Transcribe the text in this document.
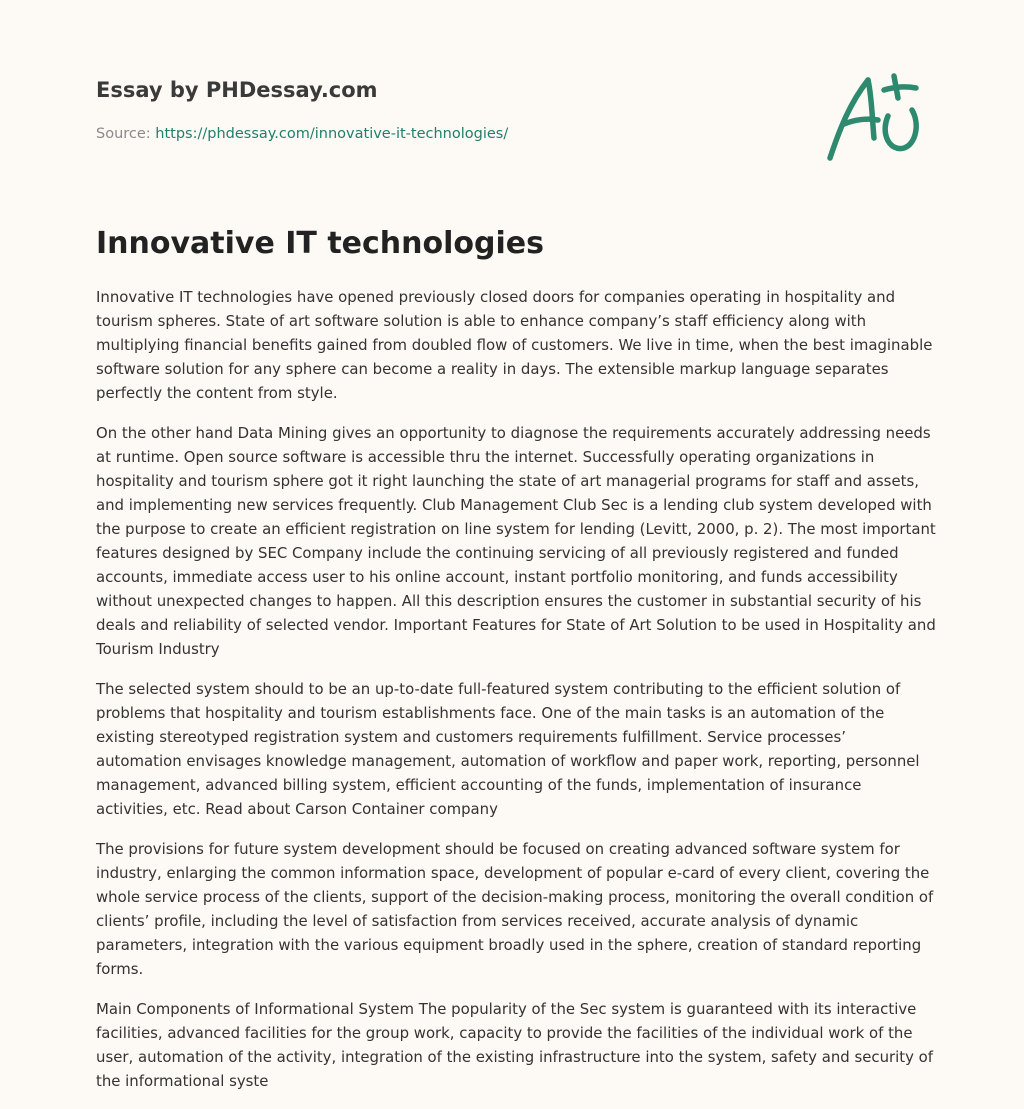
Essay by PHDessay.com
Source: https://phdessay.com/innovative-it-technologies/
Innovative IT technologies

Innovative IT technologies have opened previously closed doors for companies operating in hospitality and tourism spheres. State of art software solution is able to enhance company’s staff efficiency along with multiplying financial benefits gained from doubled flow of customers. We live in time, when the best imaginable software solution for any sphere can become a reality in days. The extensible markup language separates perfectly the content from style.

On the other hand Data Mining gives an opportunity to diagnose the requirements accurately addressing needs at runtime. Open source software is accessible thru the internet. Successfully operating organizations in hospitality and tourism sphere got it right launching the state of art managerial programs for staff and assets, and implementing new services frequently. Club Management Club Sec is a lending club system developed with the purpose to create an efficient registration on line system for lending (Levitt, 2000, p. 2). The most important features designed by SEC Company include the continuing servicing of all previously registered and funded accounts, immediate access user to his online account, instant portfolio monitoring, and funds accessibility without unexpected changes to happen. All this description ensures the customer in substantial security of his deals and reliability of selected vendor. Important Features for State of Art Solution to be used in Hospitality and Tourism Industry

The selected system should to be an up-to-date full-featured system contributing to the efficient solution of problems that hospitality and tourism establishments face. One of the main tasks is an automation of the existing stereotyped registration system and customers requirements fulfillment. Service processes’ automation envisages knowledge management, automation of workflow and paper work, reporting, personnel management, advanced billing system, efficient accounting of the funds, implementation of insurance activities, etc. Read about Carson Container company

The provisions for future system development should be focused on creating advanced software system for industry, enlarging the common information space, development of popular e-card of every client, covering the whole service process of the clients, support of the decision-making process, monitoring the overall condition of clients’ profile, including the level of satisfaction from services received, accurate analysis of dynamic parameters, integration with the various equipment broadly used in the sphere, creation of standard reporting forms.

Main Components of Informational System The popularity of the Sec system is guaranteed with its interactive facilities, advanced facilities for the group work, capacity to provide the facilities of the individual work of the user, automation of the activity, integration of the existing infrastructure into the system, safety and security of the informational syste
